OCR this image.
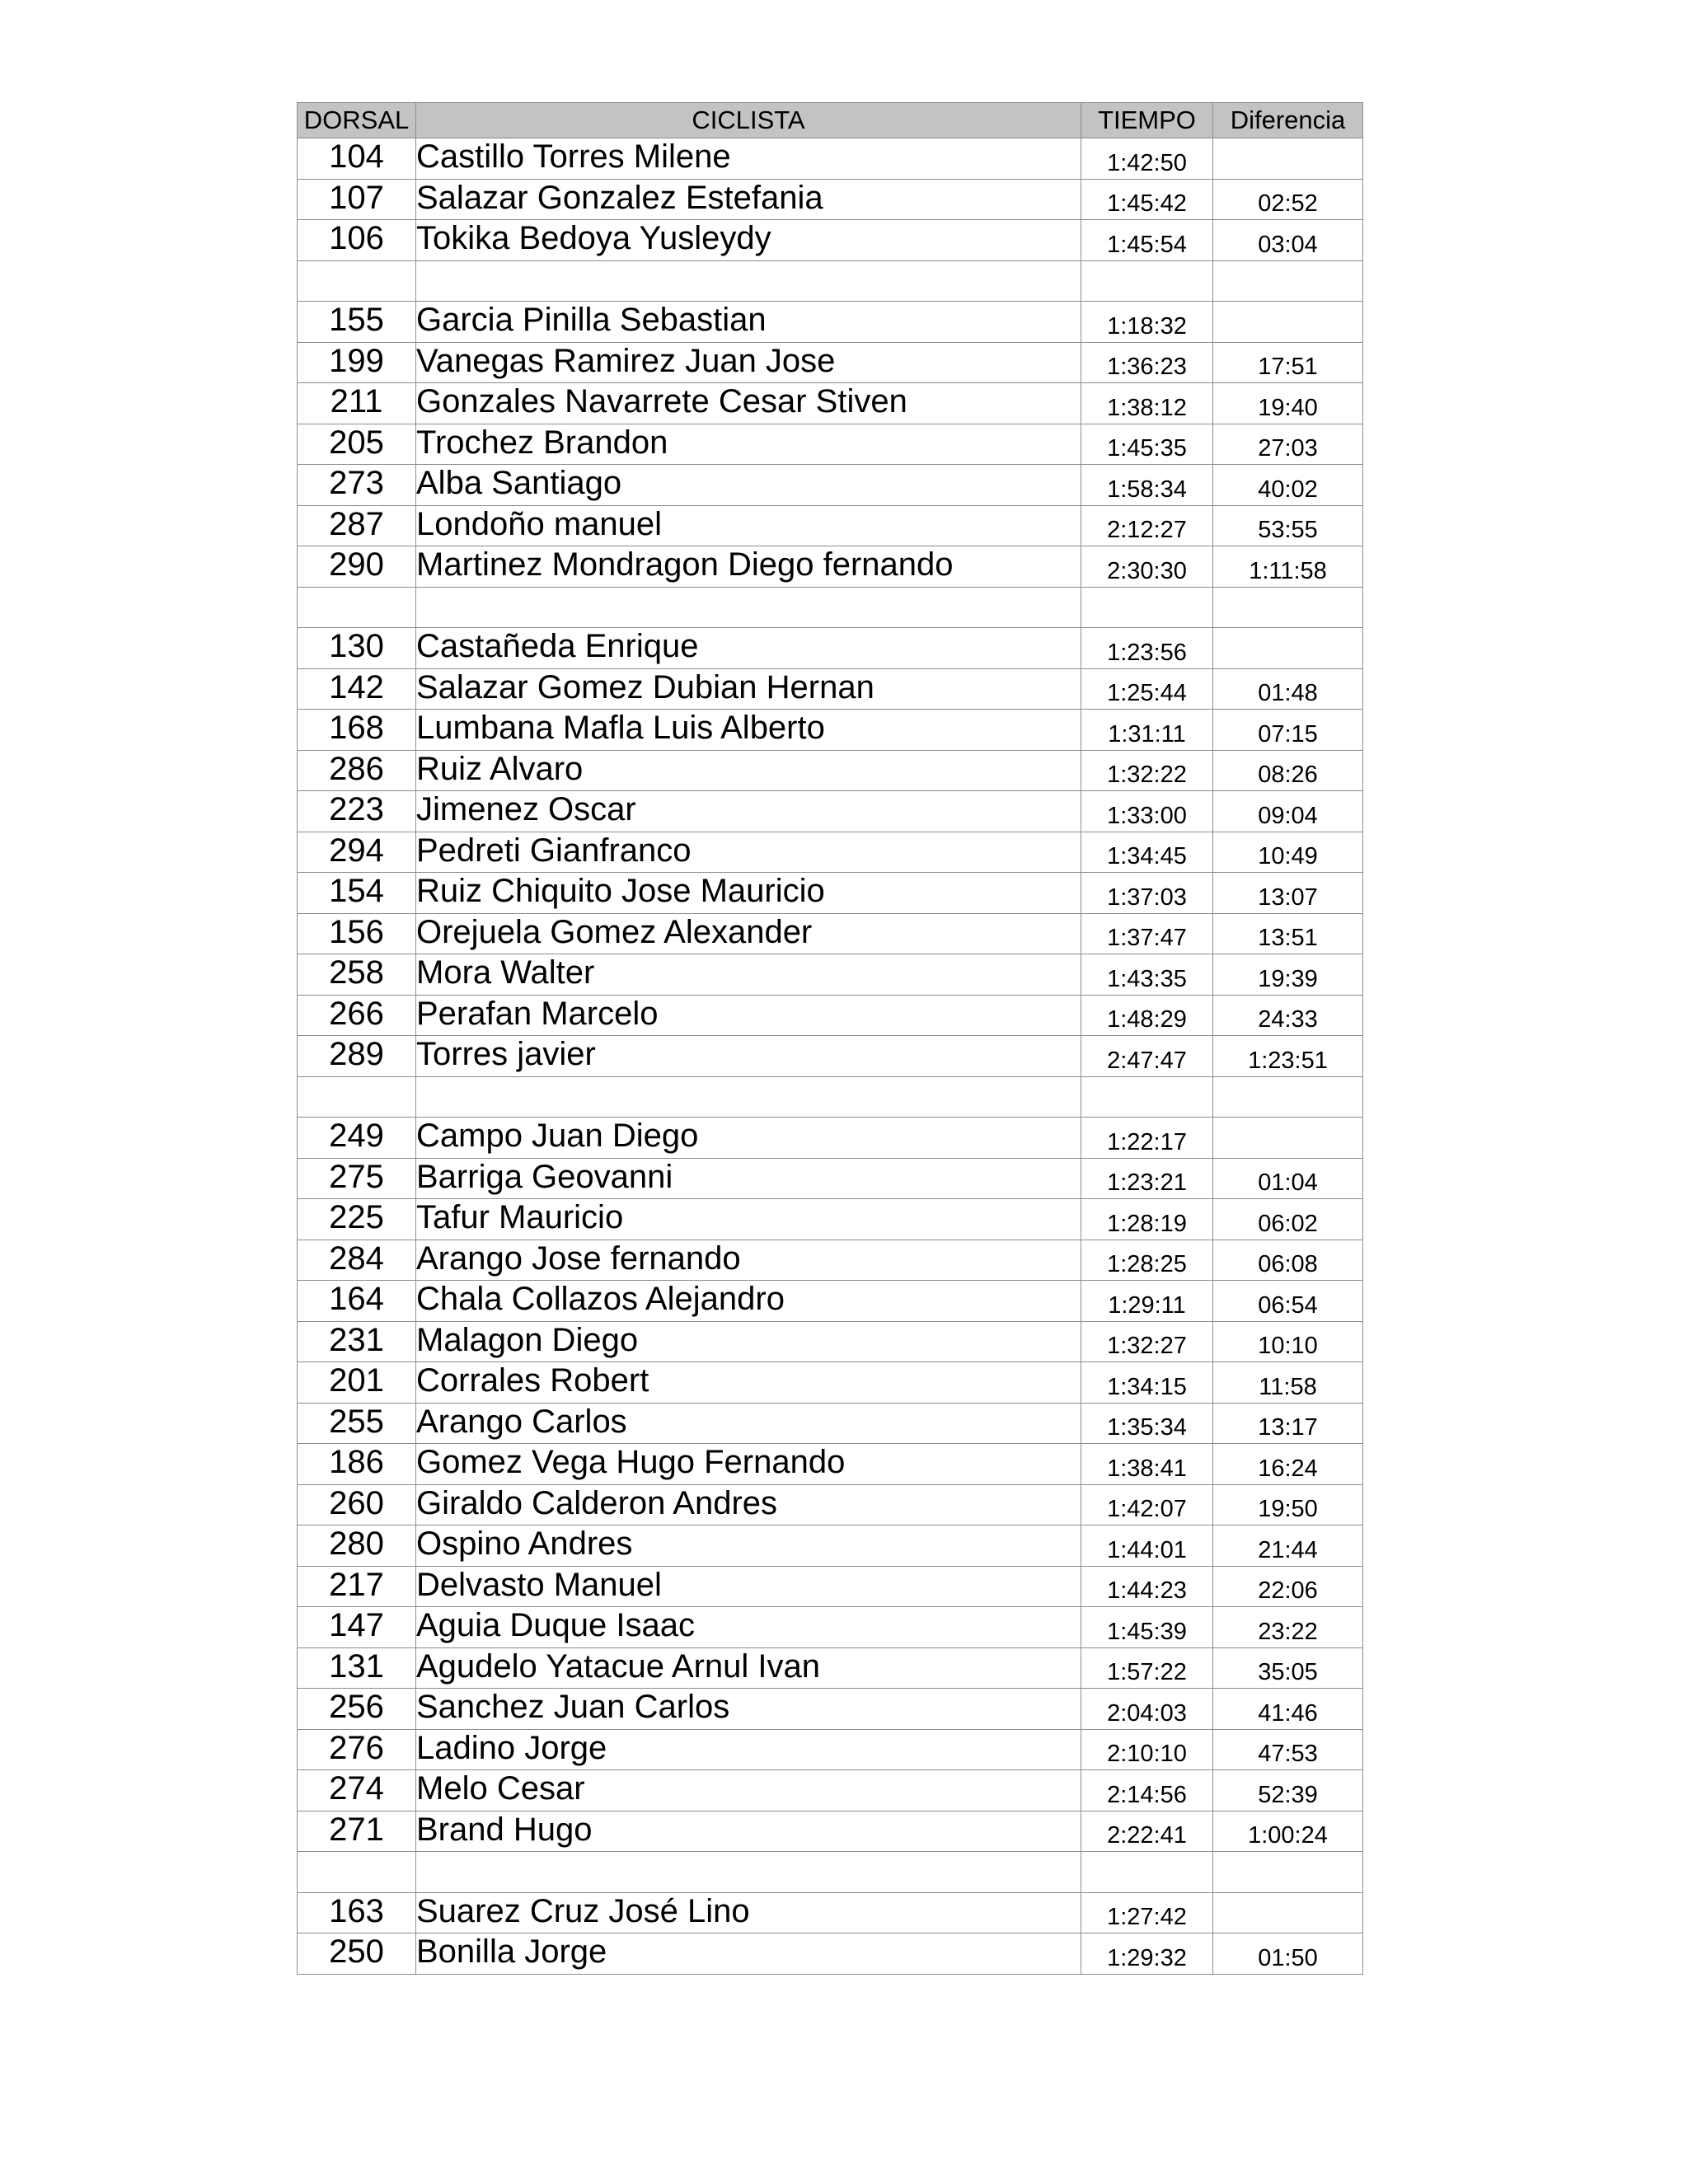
DORSAL	CICLISTA	TIEMPO	Diferencia
104	Castillo Torres Milene	1:42:50	
107	Salazar Gonzalez Estefania	1:45:42	02:52
106	Tokika Bedoya Yusleydy	1:45:54	03:04

155	Garcia Pinilla Sebastian	1:18:32	
199	Vanegas Ramirez Juan Jose	1:36:23	17:51
211	Gonzales Navarrete Cesar Stiven	1:38:12	19:40
205	Trochez Brandon	1:45:35	27:03
273	Alba Santiago	1:58:34	40:02
287	Londoño manuel	2:12:27	53:55
290	Martinez Mondragon Diego fernando	2:30:30	1:11:58

130	Castañeda Enrique	1:23:56	
142	Salazar Gomez Dubian Hernan	1:25:44	01:48
168	Lumbana Mafla Luis Alberto	1:31:11	07:15
286	Ruiz Alvaro	1:32:22	08:26
223	Jimenez Oscar	1:33:00	09:04
294	Pedreti Gianfranco	1:34:45	10:49
154	Ruiz Chiquito Jose Mauricio	1:37:03	13:07
156	Orejuela Gomez Alexander	1:37:47	13:51
258	Mora Walter	1:43:35	19:39
266	Perafan Marcelo	1:48:29	24:33
289	Torres javier	2:47:47	1:23:51

249	Campo Juan Diego	1:22:17	
275	Barriga Geovanni	1:23:21	01:04
225	Tafur Mauricio	1:28:19	06:02
284	Arango Jose fernando	1:28:25	06:08
164	Chala Collazos Alejandro	1:29:11	06:54
231	Malagon Diego	1:32:27	10:10
201	Corrales Robert	1:34:15	11:58
255	Arango Carlos	1:35:34	13:17
186	Gomez Vega Hugo Fernando	1:38:41	16:24
260	Giraldo Calderon Andres	1:42:07	19:50
280	Ospino Andres	1:44:01	21:44
217	Delvasto Manuel	1:44:23	22:06
147	Aguia Duque Isaac	1:45:39	23:22
131	Agudelo Yatacue Arnul Ivan	1:57:22	35:05
256	Sanchez Juan Carlos	2:04:03	41:46
276	Ladino Jorge	2:10:10	47:53
274	Melo Cesar	2:14:56	52:39
271	Brand Hugo	2:22:41	1:00:24

163	Suarez Cruz José Lino	1:27:42	
250	Bonilla Jorge	1:29:32	01:50
